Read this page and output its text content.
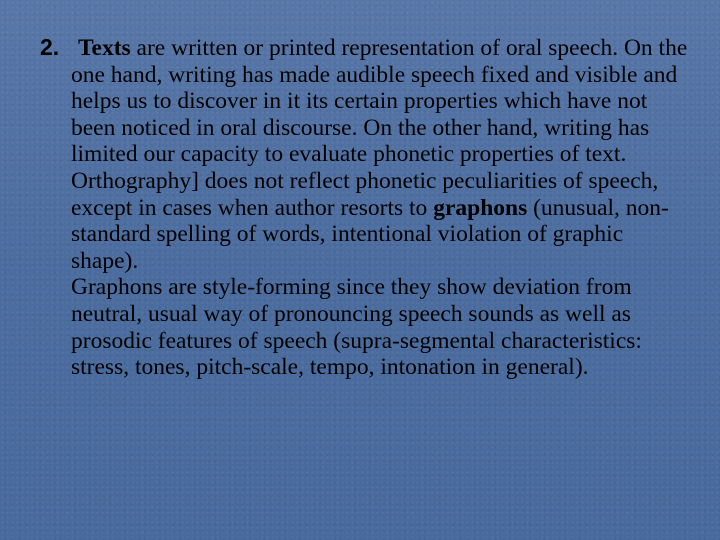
2. Texts are written or printed representation of oral speech. On the one hand, writing has made audible speech fixed and visible and helps us to discover in it its certain properties which have not been noticed in oral discourse. On the other hand, writing has limited our capacity to evaluate phonetic properties of text. Orthography] does not reflect phonetic peculiarities of speech, except in cases when author resorts to graphons (unusual, non-standard spelling of words, intentional violation of graphic shape).

Graphons are style-forming since they show deviation from neutral, usual way of pronouncing speech sounds as well as prosodic features of speech (supra-segmental characteristics: stress, tones, pitch-scale, tempo, intonation in general).
